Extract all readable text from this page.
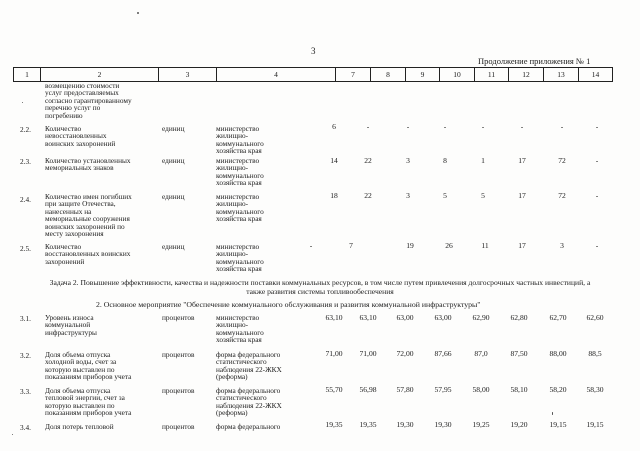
3
Продолжение приложения № 1
1	2	3	4	7	8	9	10	11	12	13	14
возмещению стоимости
услуг предоставляемых
согласно гарантированному
перечню услуг по
погребению
2.2. Количество
невосстановленных
воинских захоронений
единиц	министерство
жилищно-
коммунального
хозяйства края
6	-	-	-	-	-	-	-
2.3. Количество установленных
мемориальных знаков
единиц	министерство
жилищно-
коммунального
хозяйства края
14	22	3	8	1	17	72	-
2.4. Количество имен погибших
при защите Отечества,
нанесенных на
мемориальные сооружения
воинских захоронений по
месту захоронения
единиц	министерство
жилищно-
коммунального
хозяйства края
18	22	3	5	5	17	72	-
2.5. Количество
восстановленных воинских
захоронений
единиц	министерство
жилищно-
коммунального
хозяйства края
-	7	19	26	11	17	3	-
Задача 2. Повышение эффективности, качества и надежности поставки коммунальных ресурсов, в том числе путем привлечения долгосрочных частных инвестиций, а также развития системы топливообеспечения
2. Основное мероприятие "Обеспечение коммунального обслуживания и развития коммунальной инфраструктуры"
3.1. Уровень износа
коммунальной
инфраструктуры
процентов	министерство
жилищно-
коммунального
хозяйства края
63,10	63,10	63,00	63,00	62,90	62,80	62,70	62,60
3.2. Доля объема отпуска
холодной воды, счет за
которую выставлен по
показаниям приборов учета
процентов	форма федерального
статистического
наблюдения 22-ЖКХ
(реформа)
71,00	71,00	72,00	87,66	87,0	87,50	88,00	88,5
3.3. Доля объема отпуска
тепловой энергии, счет за
которую выставлен по
показаниям приборов учета
процентов	форма федерального
статистического
наблюдения 22-ЖКХ
(реформа)
55,70	56,98	57,80	57,95	58,00	58,10	58,20	58,30
3.4. Доля потерь тепловой	процентов	форма федерального	19,35	19,35	19,30	19,30	19,25	19,20	19,15	19,15
